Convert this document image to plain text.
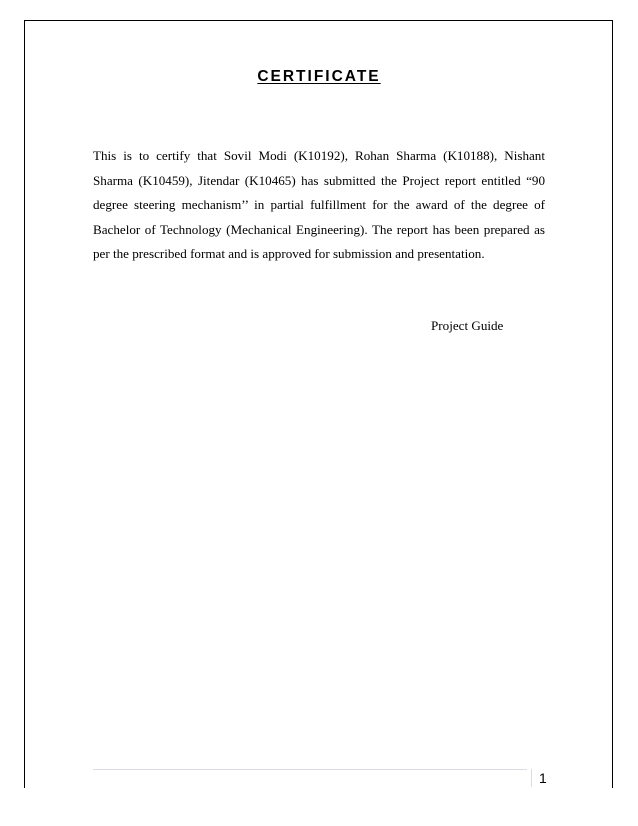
CERTIFICATE
This is to certify that Sovil Modi (K10192), Rohan Sharma (K10188), Nishant Sharma (K10459), Jitendar (K10465) has submitted the Project report entitled “90 degree steering mechanism’’ in partial fulfillment for the award of the degree of Bachelor of Technology (Mechanical Engineering). The report has been prepared as per the prescribed format and is approved for submission and presentation.
Project Guide
1
